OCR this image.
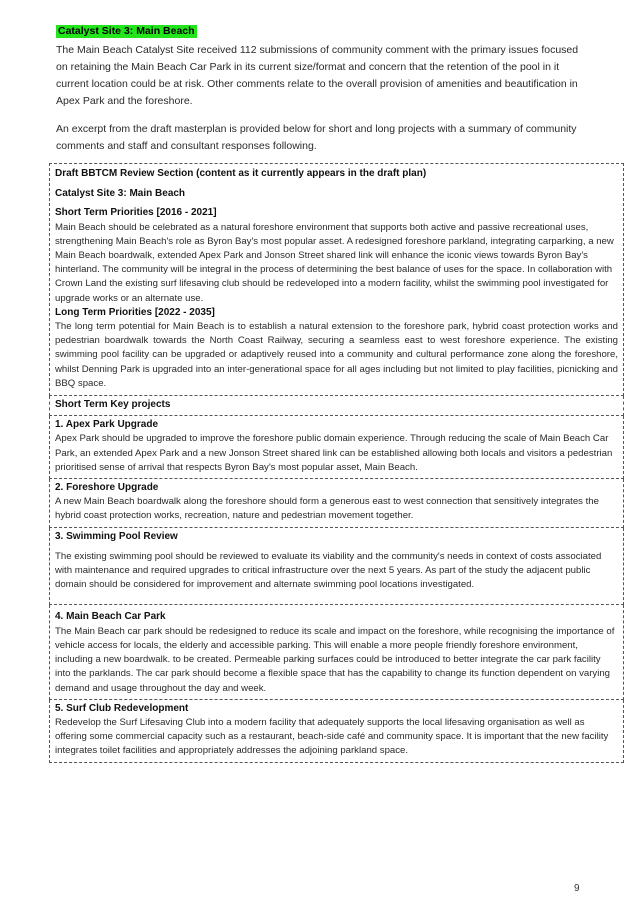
Catalyst Site 3: Main Beach

The Main Beach Catalyst Site received 112 submissions of community comment with the primary issues focused on retaining the Main Beach Car Park in its current size/format and concern that the retention of the pool in it current location could be at risk. Other comments relate to the overall provision of amenities and beautification in Apex Park and the foreshore.

An excerpt from the draft masterplan is provided below for short and long projects with a summary of community comments and staff and consultant responses following.

Draft BBTCM Review Section (content as it currently appears in the draft plan)
Catalyst Site 3: Main Beach
Short Term Priorities [2016 - 2021]
Main Beach should be celebrated as a natural foreshore environment that supports both active and passive recreational uses, strengthening Main Beach's role as Byron Bay's most popular asset. A redesigned foreshore parkland, integrating carparking, a new Main Beach boardwalk, extended Apex Park and Jonson Street shared link will enhance the iconic views towards Byron Bay's hinterland. The community will be integral in the process of determining the best balance of uses for the space. In collaboration with Crown Land the existing surf lifesaving club should be redeveloped into a modern facility, whilst the swimming pool investigated for upgrade works or an alternate use.
Long Term Priorities [2022 - 2035]
The long term potential for Main Beach is to establish a natural extension to the foreshore park, hybrid coast protection works and pedestrian boardwalk towards the North Coast Railway, securing a seamless east to west foreshore experience. The existing swimming pool facility can be upgraded or adaptively reused into a community and cultural performance zone along the foreshore, whilst Denning Park is upgraded into an inter-generational space for all ages including but not limited to play facilities, picnicking and BBQ space.

Short Term Key projects

1. Apex Park Upgrade
Apex Park should be upgraded to improve the foreshore public domain experience. Through reducing the scale of Main Beach Car Park, an extended Apex Park and a new Jonson Street shared link can be established allowing both locals and visitors a pedestrian prioritised sense of arrival that respects Byron Bay's most popular asset, Main Beach.

2. Foreshore Upgrade
A new Main Beach boardwalk along the foreshore should form a generous east to west connection that sensitively integrates the hybrid coast protection works, recreation, nature and pedestrian movement together.

3. Swimming Pool Review
The existing swimming pool should be reviewed to evaluate its viability and the community's needs in context of costs associated with maintenance and required upgrades to critical infrastructure over the next 5 years. As part of the study the adjacent public domain should be considered for improvement and alternate swimming pool locations investigated.

4. Main Beach Car Park
The Main Beach car park should be redesigned to reduce its scale and impact on the foreshore, while recognising the importance of vehicle access for locals, the elderly and accessible parking. This will enable a more people friendly foreshore environment, including a new boardwalk. to be created. Permeable parking surfaces could be introduced to better integrate the car park facility into the parklands. The car park should become a flexible space that has the capability to change its function dependent on varying demand and usage throughout the day and week.

5. Surf Club Redevelopment
Redevelop the Surf Lifesaving Club into a modern facility that adequately supports the local lifesaving organisation as well as offering some commercial capacity such as a restaurant, beach-side café and community space. It is important that the new facility integrates toilet facilities and appropriately addresses the adjoining parkland space.
9
